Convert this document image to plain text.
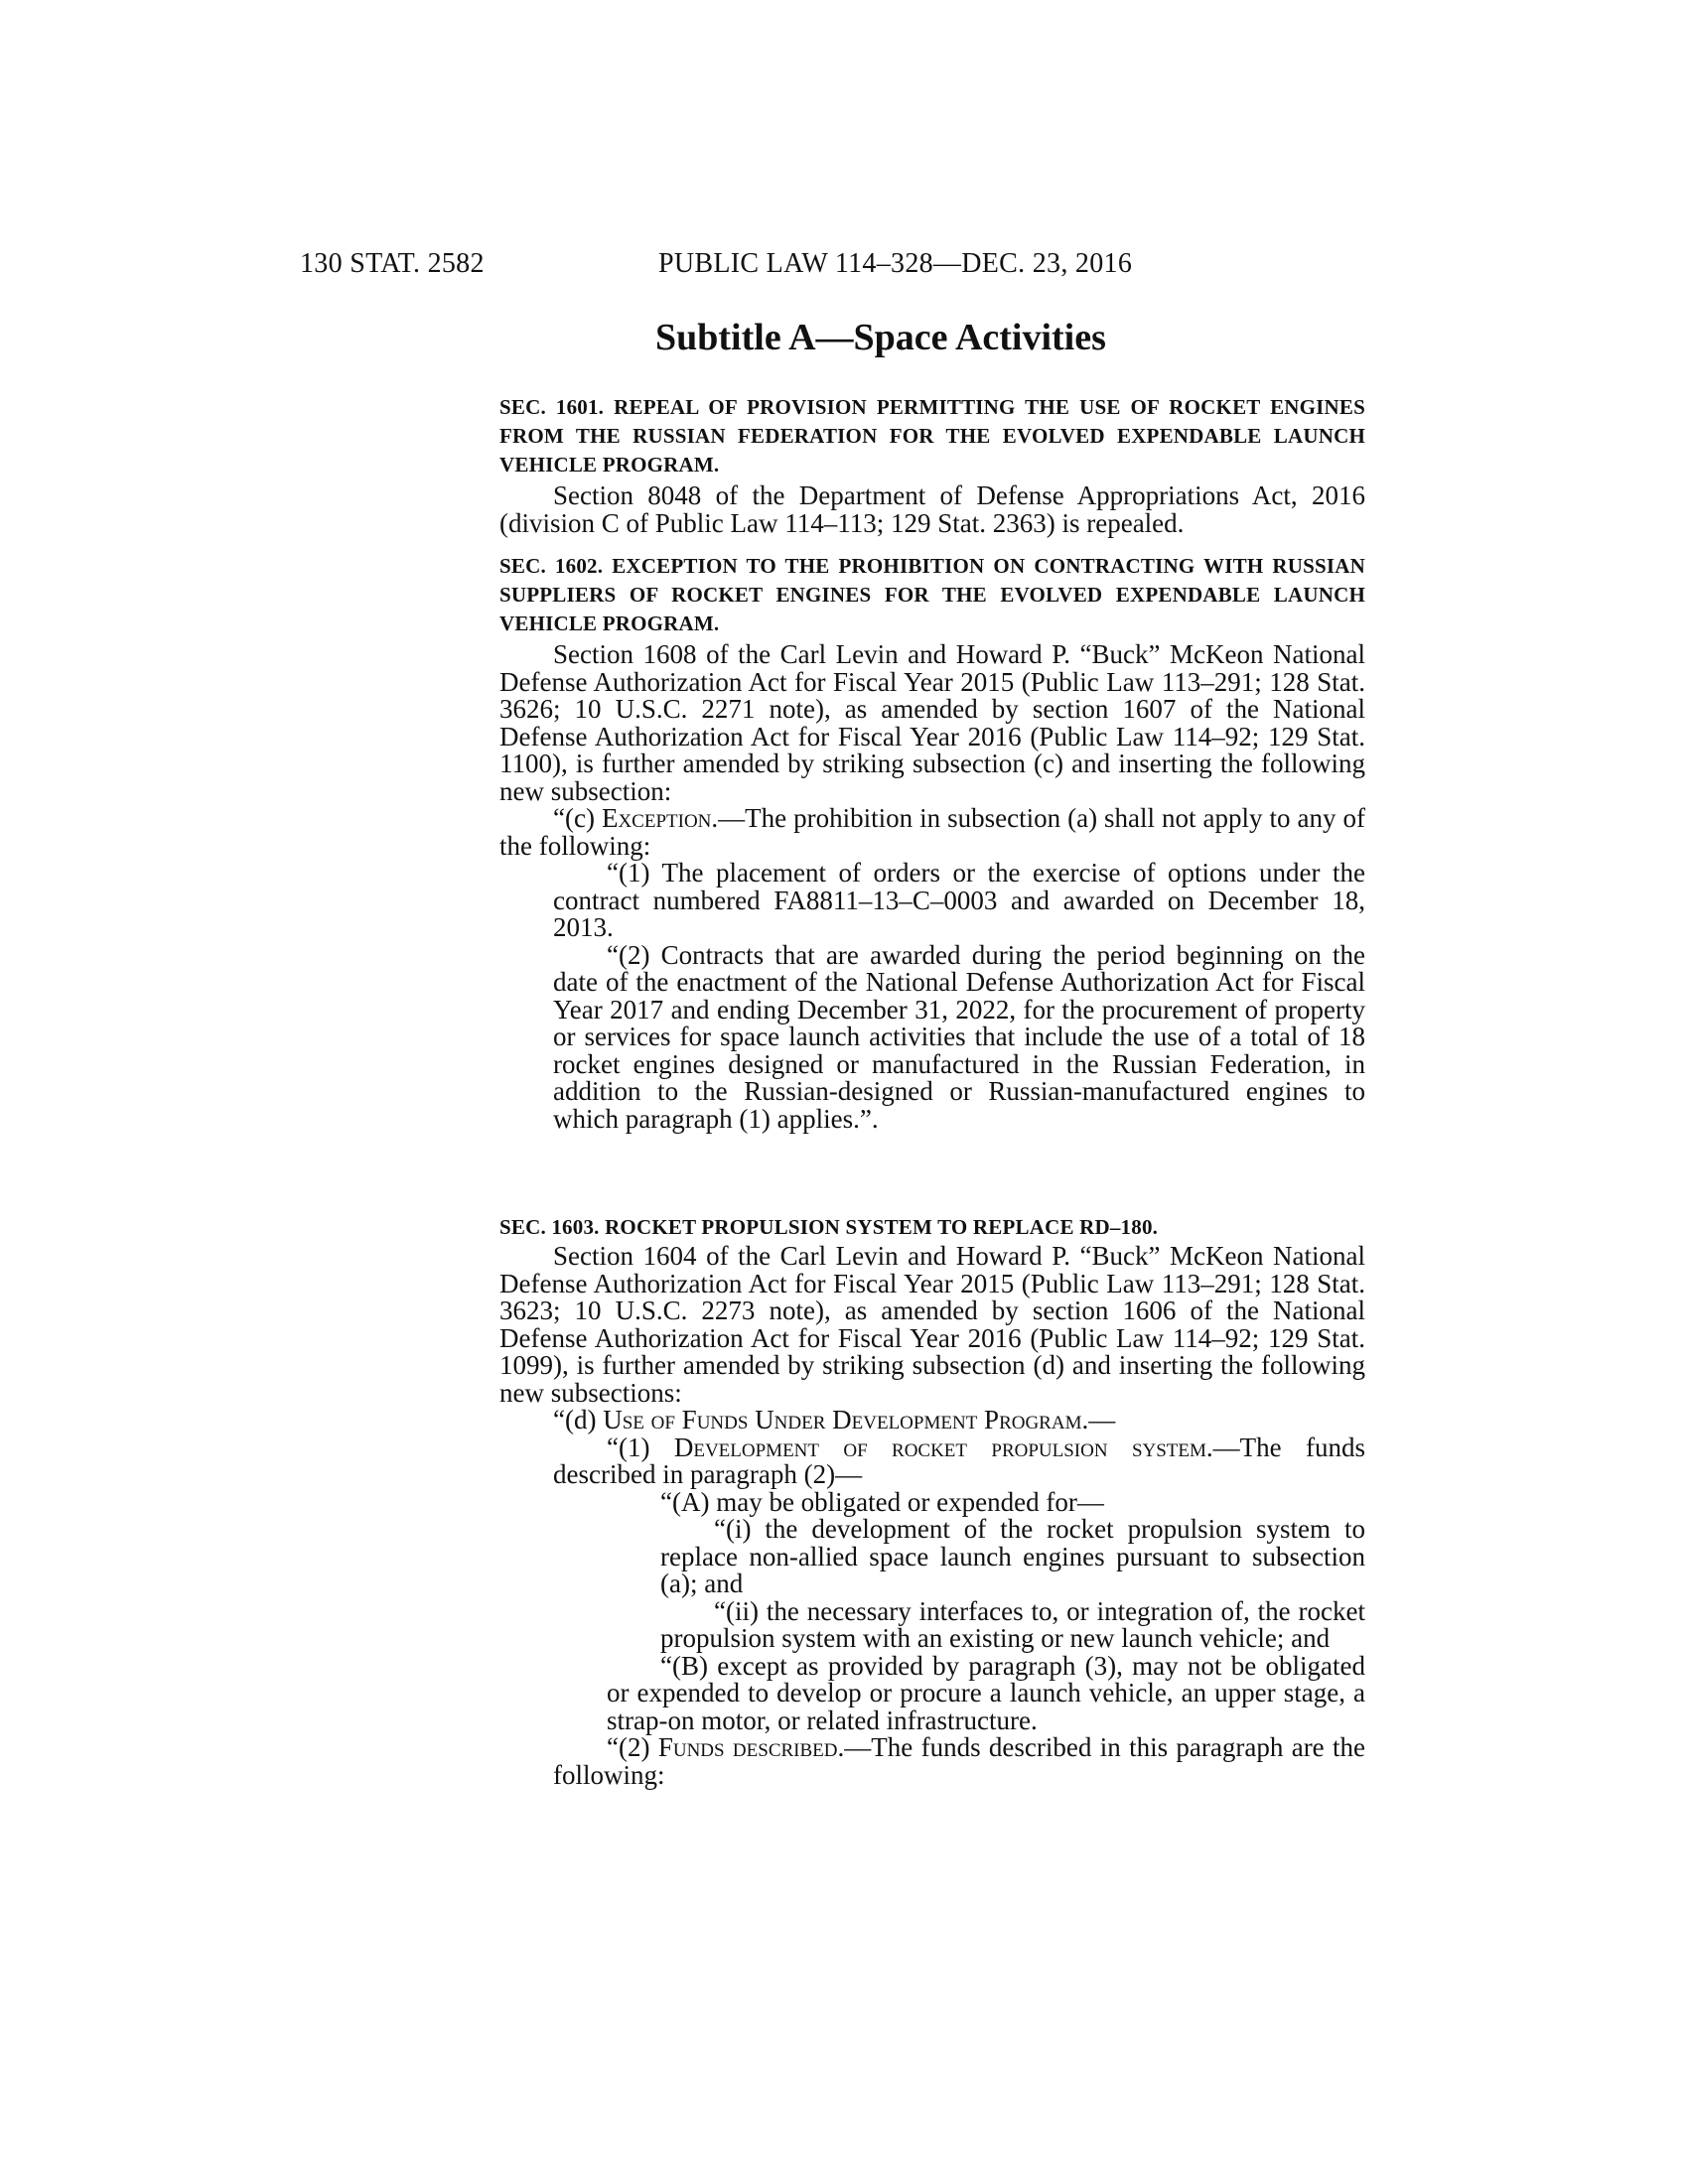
130 STAT. 2582	PUBLIC LAW 114–328—DEC. 23, 2016
Subtitle A—Space Activities
SEC. 1601. REPEAL OF PROVISION PERMITTING THE USE OF ROCKET ENGINES FROM THE RUSSIAN FEDERATION FOR THE EVOLVED EXPENDABLE LAUNCH VEHICLE PROGRAM.

Section 8048 of the Department of Defense Appropriations Act, 2016 (division C of Public Law 114–113; 129 Stat. 2363) is repealed.

SEC. 1602. EXCEPTION TO THE PROHIBITION ON CONTRACTING WITH RUSSIAN SUPPLIERS OF ROCKET ENGINES FOR THE EVOLVED EXPENDABLE LAUNCH VEHICLE PROGRAM.

Section 1608 of the Carl Levin and Howard P. “Buck” McKeon National Defense Authorization Act for Fiscal Year 2015 (Public Law 113–291; 128 Stat. 3626; 10 U.S.C. 2271 note), as amended by section 1607 of the National Defense Authorization Act for Fiscal Year 2016 (Public Law 114–92; 129 Stat. 1100), is further amended by striking subsection (c) and inserting the following new subsection:

“(c) Exception.—The prohibition in subsection (a) shall not apply to any of the following:

“(1) The placement of orders or the exercise of options under the contract numbered FA8811–13–C–0003 and awarded on December 18, 2013.

“(2) Contracts that are awarded during the period beginning on the date of the enactment of the National Defense Authorization Act for Fiscal Year 2017 and ending December 31, 2022, for the procurement of property or services for space launch activities that include the use of a total of 18 rocket engines designed or manufactured in the Russian Federation, in addition to the Russian-designed or Russian-manufactured engines to which paragraph (1) applies.”.

SEC. 1603. ROCKET PROPULSION SYSTEM TO REPLACE RD–180.

Section 1604 of the Carl Levin and Howard P. “Buck” McKeon National Defense Authorization Act for Fiscal Year 2015 (Public Law 113–291; 128 Stat. 3623; 10 U.S.C. 2273 note), as amended by section 1606 of the National Defense Authorization Act for Fiscal Year 2016 (Public Law 114–92; 129 Stat. 1099), is further amended by striking subsection (d) and inserting the following new subsections:

“(d) Use of Funds Under Development Program.—

“(1) Development of rocket propulsion system.—The funds described in paragraph (2)—

“(A) may be obligated or expended for—

“(i) the development of the rocket propulsion system to replace non-allied space launch engines pursuant to subsection (a); and

“(ii) the necessary interfaces to, or integration of, the rocket propulsion system with an existing or new launch vehicle; and

“(B) except as provided by paragraph (3), may not be obligated or expended to develop or procure a launch vehicle, an upper stage, a strap-on motor, or related infrastructure.

“(2) Funds described.—The funds described in this paragraph are the following:
